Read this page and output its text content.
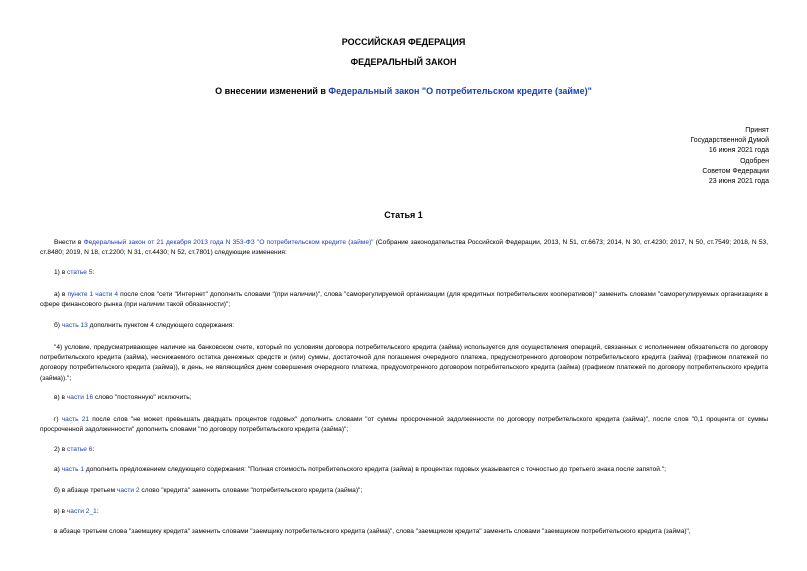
РОССИЙСКАЯ ФЕДЕРАЦИЯ
ФЕДЕРАЛЬНЫЙ ЗАКОН
О внесении изменений в Федеральный закон "О потребительском кредите (займе)"
Принят
Государственной Думой
16 июня 2021 года
Одобрен
Советом Федерации
23 июня 2021 года
Статья 1
Внести в Федеральный закон от 21 декабря 2013 года N 353-ФЗ "О потребительском кредите (займе)" (Собрание законодательства Российской Федерации, 2013, N 51, ст.6673; 2014, N 30, ст.4230; 2017, N 50, ст.7549; 2018, N 53, ст.8480; 2019, N 18, ст.2200; N 31, ст.4430; N 52, ст.7801) следующие изменения:
1) в статье 5:
а) в пункте 1 части 4 после слов "сети "Интернет" дополнить словами "(при наличии)", слова "саморегулируемой организации (для кредитных потребительских кооперативов)" заменить словами "саморегулируемых организациях в сфере финансового рынка (при наличии такой обязанности)";
б) часть 13 дополнить пунктом 4 следующего содержания:
"4) условие, предусматривающее наличие на банковском счете, который по условиям договора потребительского кредита (займа) используется для осуществления операций, связанных с исполнением обязательств по договору потребительского кредита (займа), неснижаемого остатка денежных средств и (или) суммы, достаточной для погашения очередного платежа, предусмотренного договором потребительского кредита (займа) (графиком платежей по договору потребительского кредита (займа)), в день, не являющийся днем совершения очередного платежа, предусмотренного договором потребительского кредита (займа) (графиком платежей по договору потребительского кредита (займа)).";
в) в части 16 слово "постоянную" исключить;
г) часть 21 после слов "не может превышать двадцать процентов годовых" дополнить словами "от суммы просроченной задолженности по договору потребительского кредита (займа)", после слов "0,1 процента от суммы просроченной задолженности" дополнить словами "по договору потребительского кредита (займа)";
2) в статье 6:
а) часть 1 дополнить предложением следующего содержания: "Полная стоимость потребительского кредита (займа) в процентах годовых указывается с точностью до третьего знака после запятой.";
б) в абзаце третьем части 2 слово "кредита" заменить словами "потребительского кредита (займа)";
в) в части 2_1:
в абзаце третьем слова "заемщику кредита" заменить словами "заемщику потребительского кредита (займа)", слова "заемщиком кредита" заменить словами "заемщиком потребительского кредита (займа)",
